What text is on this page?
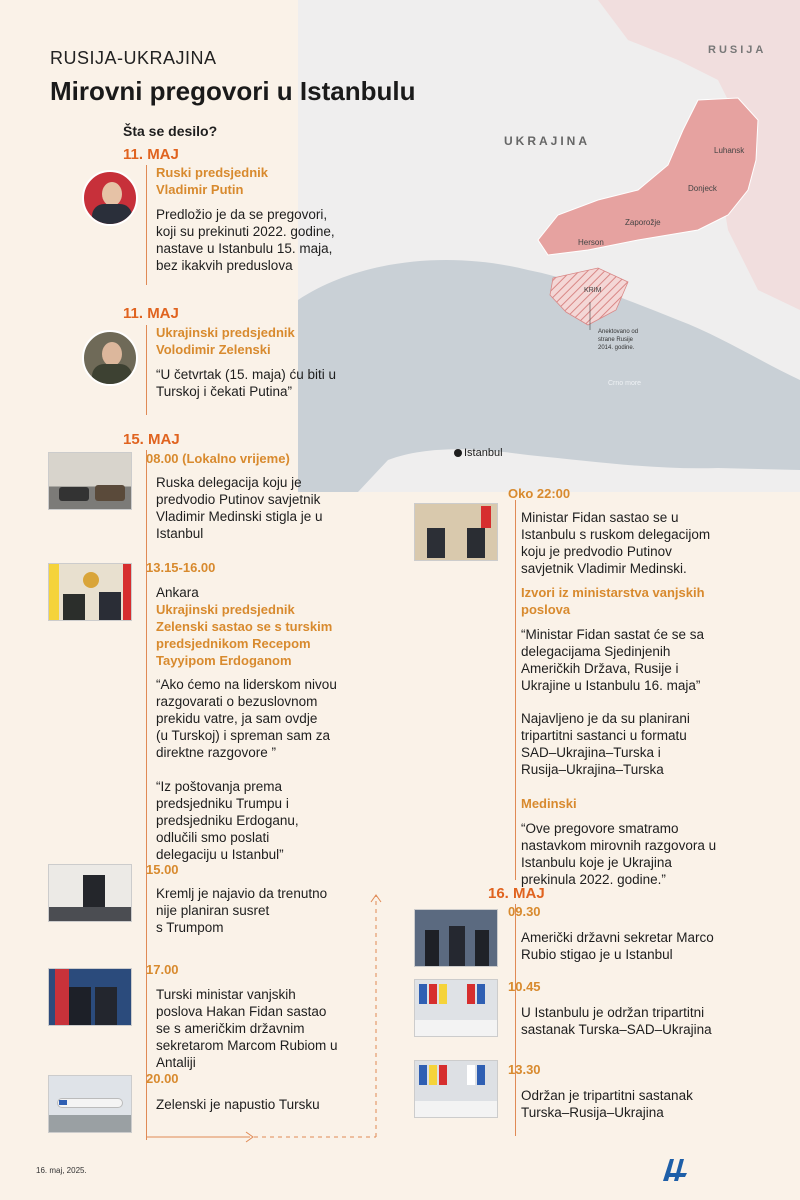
RUSIJA
UKRAJINA
Luhansk
Donjeck
Zaporožje
Herson
KRIM
Anektovano od
strane Rusije
2014. godine.
Crno more
Istanbul
RUSIJA-UKRAJINA
Mirovni pregovori u Istanbulu
Šta se desilo?
11. MAJ
Ruski predsjednik
Vladimir Putin
Predložio je da se pregovori,
koji su prekinuti 2022. godine,
nastave u Istanbulu 15. maja,
bez ikakvih preduslova
11. MAJ
Ukrajinski predsjednik
Volodimir Zelenski
“U četvrtak (15. maja) ću biti u
Turskoj i čekati Putina”
15. MAJ
08.00 (Lokalno vrijeme)
Ruska delegacija koju je
predvodio Putinov savjetnik
Vladimir Medinski stigla je u
Istanbul
13.15-16.00
Ankara
Ukrajinski predsjednik
Zelenski sastao se s turskim
predsjednikom Recepom
Tayyipom Erdoganom
“Ako ćemo na liderskom nivou
razgovarati o bezuslovnom
prekidu vatre, ja sam ovdje
(u Turskoj) i spreman sam za
direktne razgovore ”
“Iz poštovanja prema
predsjedniku Trumpu i
predsjedniku Erdoganu,
odlučili smo poslati
delegaciju u Istanbul”
15.00
Kremlj je najavio da trenutno
nije planiran susret
s Trumpom
17.00
Turski ministar vanjskih
poslova Hakan Fidan sastao
se s američkim državnim
sekretarom Marcom Rubiom u
Antaliji
20.00
Zelenski je napustio Tursku
Oko 22:00
Ministar Fidan sastao se u
Istanbulu s ruskom delegacijom
koju je predvodio Putinov
savjetnik Vladimir Medinski.
Izvori iz ministarstva vanjskih
poslova
“Ministar Fidan sastat će se sa
delegacijama Sjedinjenih
Američkih Država, Rusije i
Ukrajine u Istanbulu 16. maja”
Najavljeno je da su planirani
tripartitni sastanci u formatu
SAD–Ukrajina–Turska i
Rusija–Ukrajina–Turska
Medinski
“Ove pregovore smatramo
nastavkom mirovnih razgovora u
Istanbulu koje je Ukrajina
prekinula 2022. godine.”
16. MAJ
09.30
Američki državni sekretar Marco
Rubio stigao je u Istanbul
10.45
U Istanbulu je održan tripartitni
sastanak Turska–SAD–Ukrajina
13.30
Održan je tripartitni sastanak
Turska–Rusija–Ukrajina
16. maj, 2025.
